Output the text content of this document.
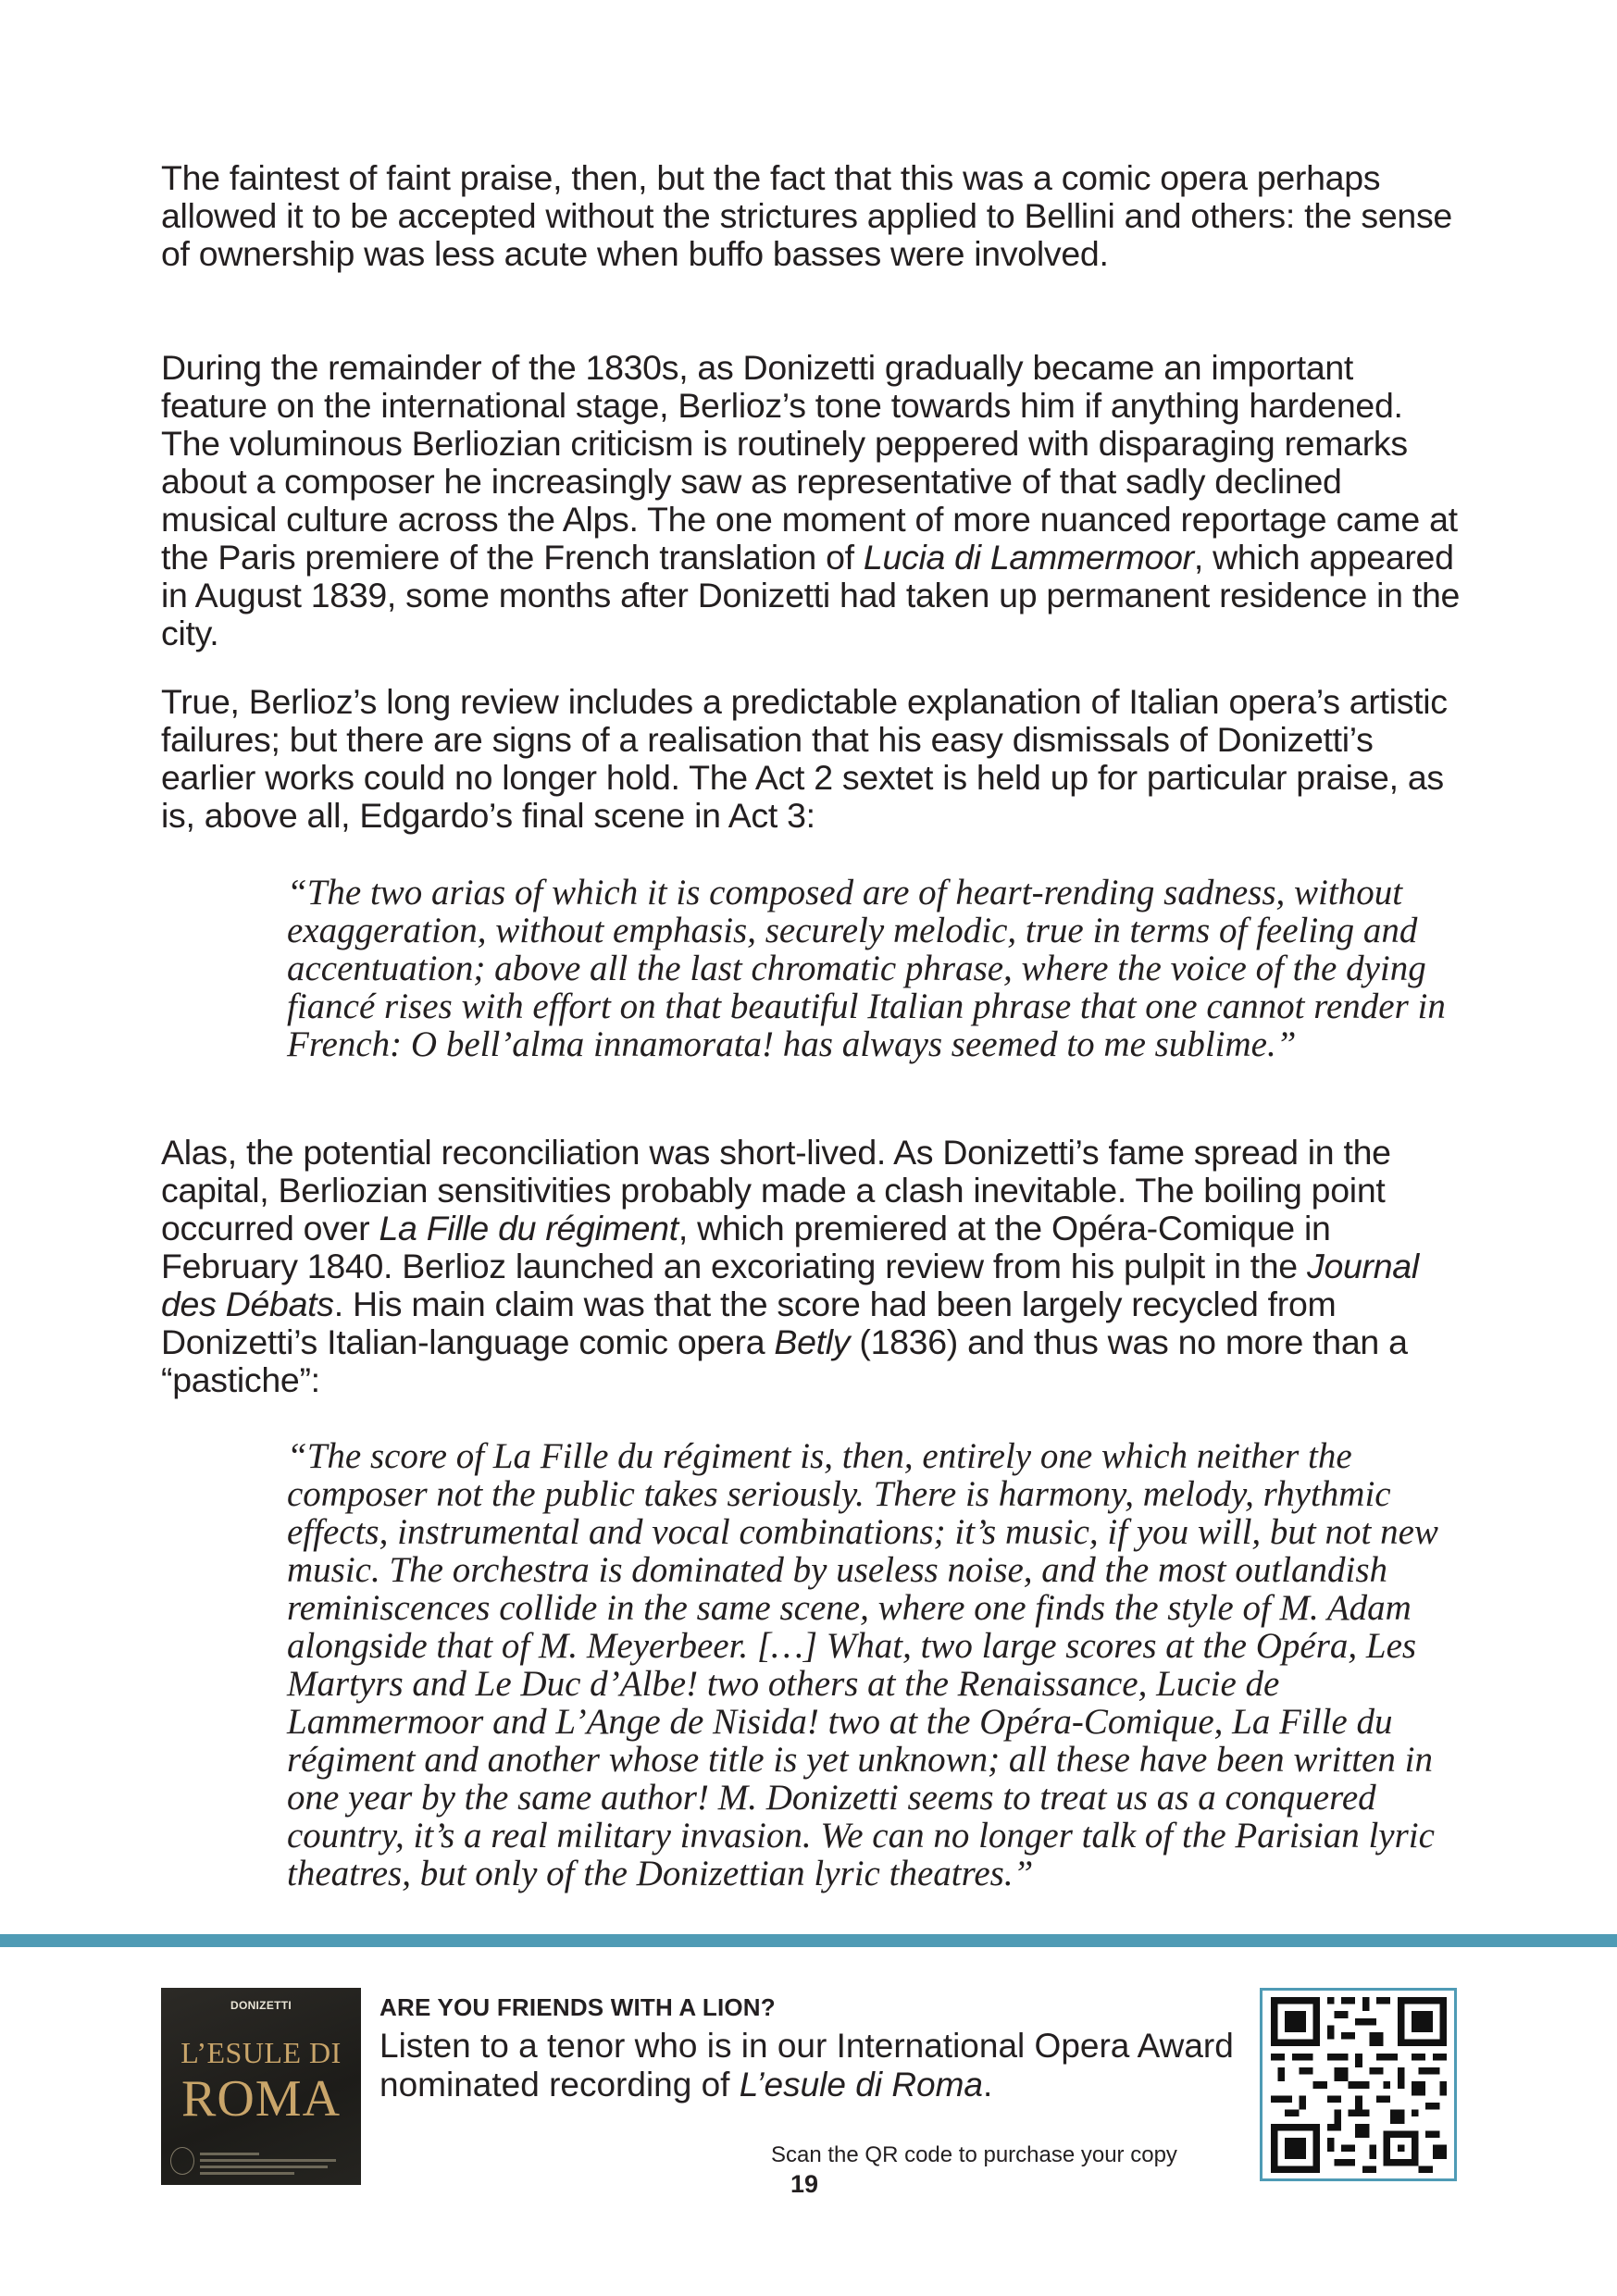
The faintest of faint praise, then, but the fact that this was a comic opera perhaps allowed it to be accepted without the strictures applied to Bellini and others: the sense of ownership was less acute when buffo basses were involved.

During the remainder of the 1830s, as Donizetti gradually became an important feature on the international stage, Berlioz’s tone towards him if anything hardened. The voluminous Berliozian criticism is routinely peppered with disparaging remarks about a composer he increasingly saw as representative of that sadly declined musical culture across the Alps. The one moment of more nuanced reportage came at the Paris premiere of the French translation of Lucia di Lammermoor, which appeared in August 1839, some months after Donizetti had taken up permanent residence in the city.

True, Berlioz’s long review includes a predictable explanation of Italian opera’s artistic failures; but there are signs of a realisation that his easy dismissals of Donizetti’s earlier works could no longer hold. The Act 2 sextet is held up for particular praise, as is, above all, Edgardo’s final scene in Act 3:

“The two arias of which it is composed are of heart-rending sadness, without exaggeration, without emphasis, securely melodic, true in terms of feeling and accentuation; above all the last chromatic phrase, where the voice of the dying fiancé rises with effort on that beautiful Italian phrase that one cannot render in French: O bell’alma innamorata! has always seemed to me sublime.”

Alas, the potential reconciliation was short-lived. As Donizetti’s fame spread in the capital, Berliozian sensitivities probably made a clash inevitable. The boiling point occurred over La Fille du régiment, which premiered at the Opéra-Comique in February 1840. Berlioz launched an excoriating review from his pulpit in the Journal des Débats. His main claim was that the score had been largely recycled from Donizetti’s Italian-language comic opera Betly (1836) and thus was no more than a “pastiche”:

“The score of La Fille du régiment is, then, entirely one which neither the composer not the public takes seriously. There is harmony, melody, rhythmic effects, instrumental and vocal combinations; it’s music, if you will, but not new music. The orchestra is dominated by useless noise, and the most outlandish reminiscences collide in the same scene, where one finds the style of M. Adam alongside that of M. Meyerbeer. […] What, two large scores at the Opéra, Les Martyrs and Le Duc d’Albe! two others at the Renaissance, Lucie de Lammermoor and L’Ange de Nisida! two at the Opéra-Comique, La Fille du régiment and another whose title is yet unknown; all these have been written in one year by the same author! M. Donizetti seems to treat us as a conquered country, it’s a real military invasion. We can no longer talk of the Parisian lyric theatres, but only of the Donizettian lyric theatres.”
DONIZETTI
L’ESULE DI
ROMA
ARE YOU FRIENDS WITH A LION?
Listen to a tenor who is in our International Opera Award nominated recording of L’esule di Roma.
Scan the QR code to purchase your copy
19
